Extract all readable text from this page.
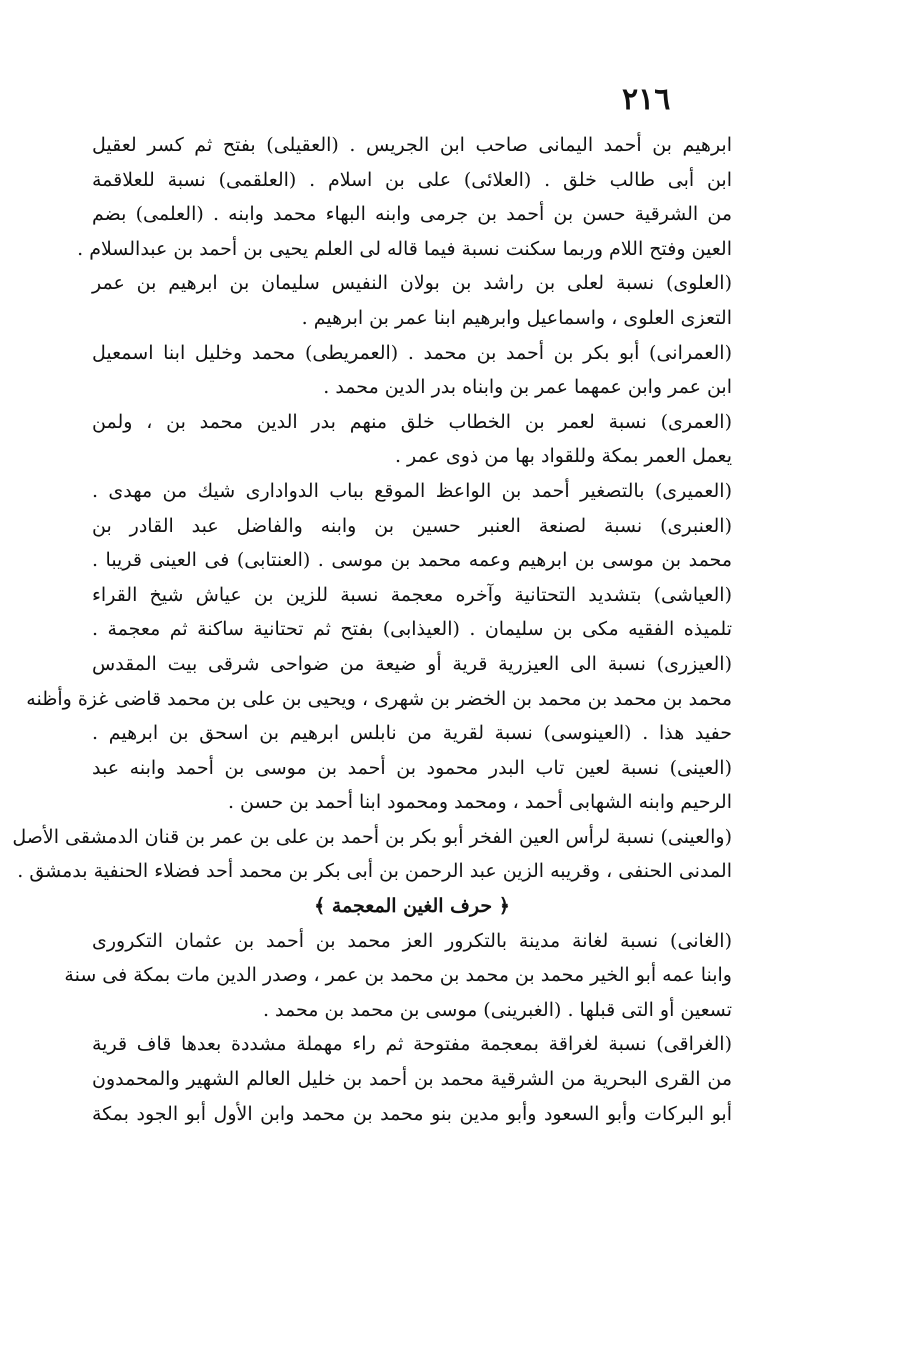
٢١٦
ابرهيم بن أحمد اليمانى صاحب ابن الجريس . (العقيلى) بفتح ثم كسر لعقيل
ابن أبى طالب خلق . (العلائى) على بن اسلام . (العلقمى) نسبة للعلاقمة
من الشرقية حسن بن أحمد بن جرمى وابنه البهاء محمد وابنه . (العلمى) بضم
العين وفتح اللام وربما سكنت نسبة فيما قاله لى العلم يحيى بن أحمد بن عبدالسلام .
(العلوى) نسبة لعلى بن راشد بن بولان النفيس سليمان بن ابرهيم بن عمر
التعزى العلوى ، واسماعيل وابرهيم ابنا عمر بن ابرهيم .
(العمرانى) أبو بكر بن أحمد بن محمد . (العمريطى) محمد وخليل ابنا اسمعيل
ابن عمر وابن عمهما عمر بن وابناه بدر الدين محمد .
(العمرى) نسبة لعمر بن الخطاب خلق منهم بدر الدين محمد بن ، ولمن
يعمل العمر بمكة وللقواد بها من ذوى عمر .
(العميرى) بالتصغير أحمد بن الواعظ الموقع بباب الدوادارى شيك من مهدى .
(العنبرى) نسبة لصنعة العنبر حسين بن وابنه والفاضل عبد القادر بن
محمد بن موسى بن ابرهيم وعمه محمد بن موسى . (العنتابى) فى العينى قريبا .
(العياشى) بتشديد التحتانية وآخره معجمة نسبة للزين بن عياش شيخ القراء
تلميذه الفقيه مكى بن سليمان . (العيذابى) بفتح ثم تحتانية ساكنة ثم معجمة .
(العيزرى) نسبة الى العيزرية قرية أو ضيعة من ضواحى شرقى بيت المقدس
محمد بن محمد بن محمد بن الخضر بن شهرى ، ويحيى بن على بن محمد قاضى غزة وأظنه
حفيد هذا . (العينوسى) نسبة لقرية من نابلس ابرهيم بن اسحق بن ابرهيم .
(العينى) نسبة لعين تاب البدر محمود بن أحمد بن موسى بن أحمد وابنه عبد
الرحيم وابنه الشهابى أحمد ، ومحمد ومحمود ابنا أحمد بن حسن .
(والعينى) نسبة لرأس العين الفخر أبو بكر بن أحمد بن على بن عمر بن قنان الدمشقى الأصل
المدنى الحنفى ، وقريبه الزين عبد الرحمن بن أبى بكر بن محمد أحد فضلاء الحنفية بدمشق .
﴿ حرف الغين المعجمة ﴾
(الغانى) نسبة لغانة مدينة بالتكرور العز محمد بن أحمد بن عثمان التكرورى
وابنا عمه أبو الخير محمد بن محمد بن محمد بن عمر ، وصدر الدين مات بمكة فى سنة
تسعين أو التى قبلها . (الغبرينى) موسى بن محمد بن محمد .
(الغراقى) نسبة لغراقة بمعجمة مفتوحة ثم راء مهملة مشددة بعدها قاف قرية
من القرى البحرية من الشرقية محمد بن أحمد بن خليل العالم الشهير والمحمدون
أبو البركات وأبو السعود وأبو مدين بنو محمد بن محمد وابن الأول أبو الجود بمكة
